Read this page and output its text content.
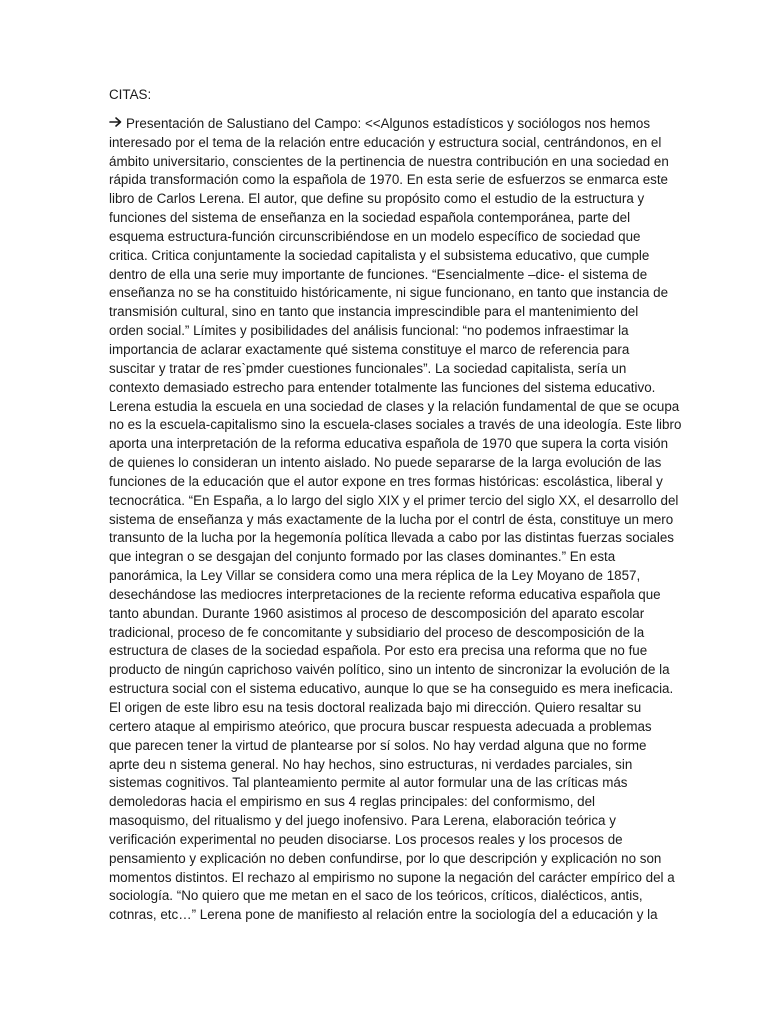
CITAS:
Presentación de Salustiano del Campo: <<Algunos estadísticos y sociólogos nos hemos
interesado por el tema de la relación entre educación y estructura social, centrándonos, en el
ámbito universitario, conscientes de la pertinencia de nuestra contribución en una sociedad en
rápida transformación como la española de 1970. En esta serie de esfuerzos se enmarca este
libro de Carlos Lerena. El autor, que define su propósito como el estudio de la estructura y
funciones del sistema de enseñanza en la sociedad española contemporánea, parte del
esquema estructura-función circunscribiéndose en un modelo específico de sociedad que
critica. Critica conjuntamente la sociedad capitalista y el subsistema educativo, que cumple
dentro de ella una serie muy importante de funciones. “Esencialmente –dice- el sistema de
enseñanza no se ha constituido históricamente, ni sigue funcionano, en tanto que instancia de
transmisión cultural, sino en tanto que instancia imprescindible para el mantenimiento del
orden social.” Límites y posibilidades del análisis funcional: “no podemos infraestimar la
importancia de aclarar exactamente qué sistema constituye el marco de referencia para
suscitar y tratar de res`pmder cuestiones funcionales”. La sociedad capitalista, sería un
contexto demasiado estrecho para entender totalmente las funciones del sistema educativo.
Lerena estudia la escuela en una sociedad de clases y la relación fundamental de que se ocupa
no es la escuela-capitalismo sino la escuela-clases sociales a través de una ideología. Este libro
aporta una interpretación de la reforma educativa española de 1970 que supera la corta visión
de quienes lo consideran un intento aislado. No puede separarse de la larga evolución de las
funciones de la educación que el autor expone en tres formas históricas: escolástica, liberal y
tecnocrática. “En España, a lo largo del siglo XIX y el primer tercio del siglo XX, el desarrollo del
sistema de enseñanza y más exactamente de la lucha por el contrl de ésta, constituye un mero
transunto de la lucha por la hegemonía política llevada a cabo por las distintas fuerzas sociales
que integran o se desgajan del conjunto formado por las clases dominantes.” En esta
panorámica, la Ley Villar se considera como una mera réplica de la Ley Moyano de 1857,
desechándose las mediocres interpretaciones de la reciente reforma educativa española que
tanto abundan. Durante 1960 asistimos al proceso de descomposición del aparato escolar
tradicional, proceso de fe concomitante y subsidiario del proceso de descomposición de la
estructura de clases de la sociedad española. Por esto era precisa una reforma que no fue
producto de ningún caprichoso vaivén político, sino un intento de sincronizar la evolución de la
estructura social con el sistema educativo, aunque lo que se ha conseguido es mera ineficacia.
El origen de este libro esu na tesis doctoral realizada bajo mi dirección. Quiero resaltar su
certero ataque al empirismo ateórico, que procura buscar respuesta adecuada a problemas
que parecen tener la virtud de plantearse por sí solos. No hay verdad alguna que no forme
aprte deu n sistema general. No hay hechos, sino estructuras, ni verdades parciales, sin
sistemas cognitivos. Tal planteamiento permite al autor formular una de las críticas más
demoledoras hacia el empirismo en sus 4 reglas principales: del conformismo, del
masoquismo, del ritualismo y del juego inofensivo. Para Lerena, elaboración teórica y
verificación experimental no peuden disociarse. Los procesos reales y los procesos de
pensamiento y explicación no deben confundirse, por lo que descripción y explicación no son
momentos distintos. El rechazo al empirismo no supone la negación del carácter empírico del a
sociología. “No quiero que me metan en el saco de los teóricos, críticos, dialécticos, antis,
cotnras, etc…” Lerena pone de manifiesto al relación entre la sociología del a educación y la
